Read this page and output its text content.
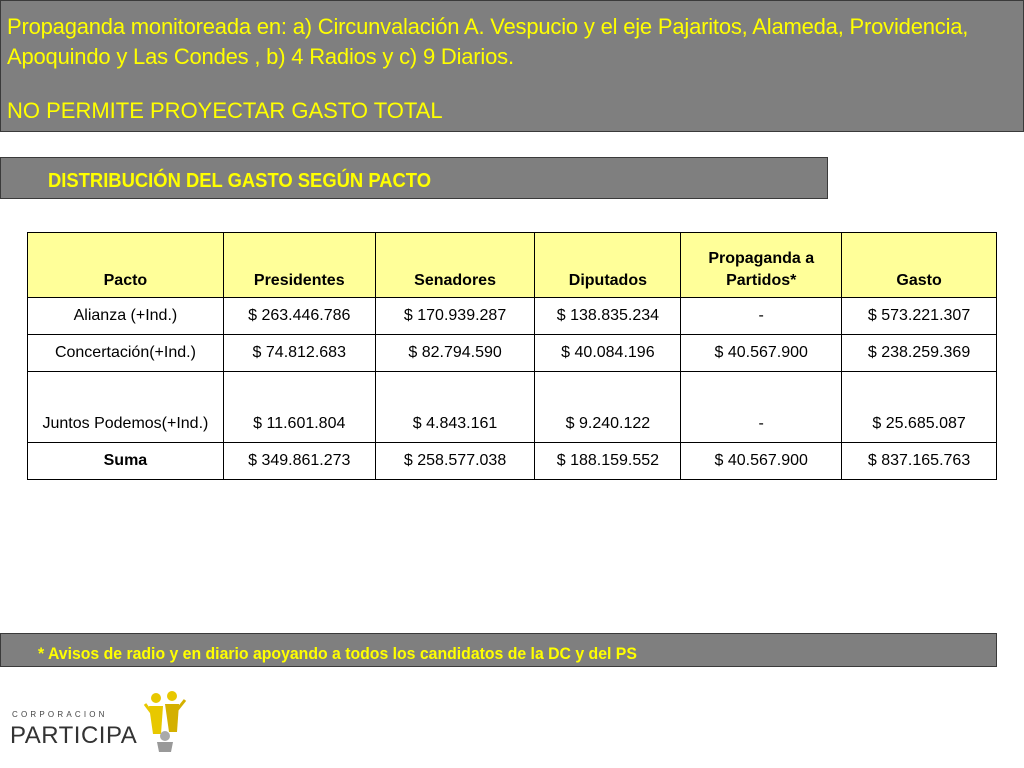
Propaganda monitoreada en: a) Circunvalación A. Vespucio y el eje Pajaritos, Alameda, Providencia, Apoquindo y Las Condes , b) 4 Radios y c) 9 Diarios.
NO PERMITE PROYECTAR GASTO TOTAL
DISTRIBUCIÓN DEL GASTO SEGÚN PACTO
Pacto	Presidentes	Senadores	Diputados	Propaganda a Partidos*	Gasto
Alianza (+Ind.)	$ 263.446.786	$ 170.939.287	$ 138.835.234	-	$ 573.221.307
Concertación(+Ind.)	$ 74.812.683	$ 82.794.590	$ 40.084.196	$ 40.567.900	$ 238.259.369
Juntos Podemos(+Ind.)	$ 11.601.804	$ 4.843.161	$ 9.240.122	-	$ 25.685.087
Suma	$ 349.861.273	$ 258.577.038	$ 188.159.552	$ 40.567.900	$ 837.165.763
* Avisos de radio y en diario apoyando a todos los candidatos de la DC y del PS
CORPORACION
PARTICIPA
